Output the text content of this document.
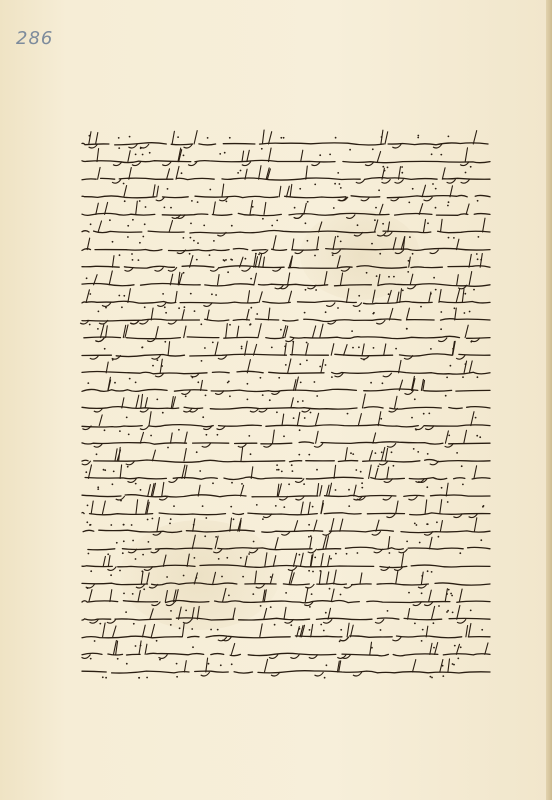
286
